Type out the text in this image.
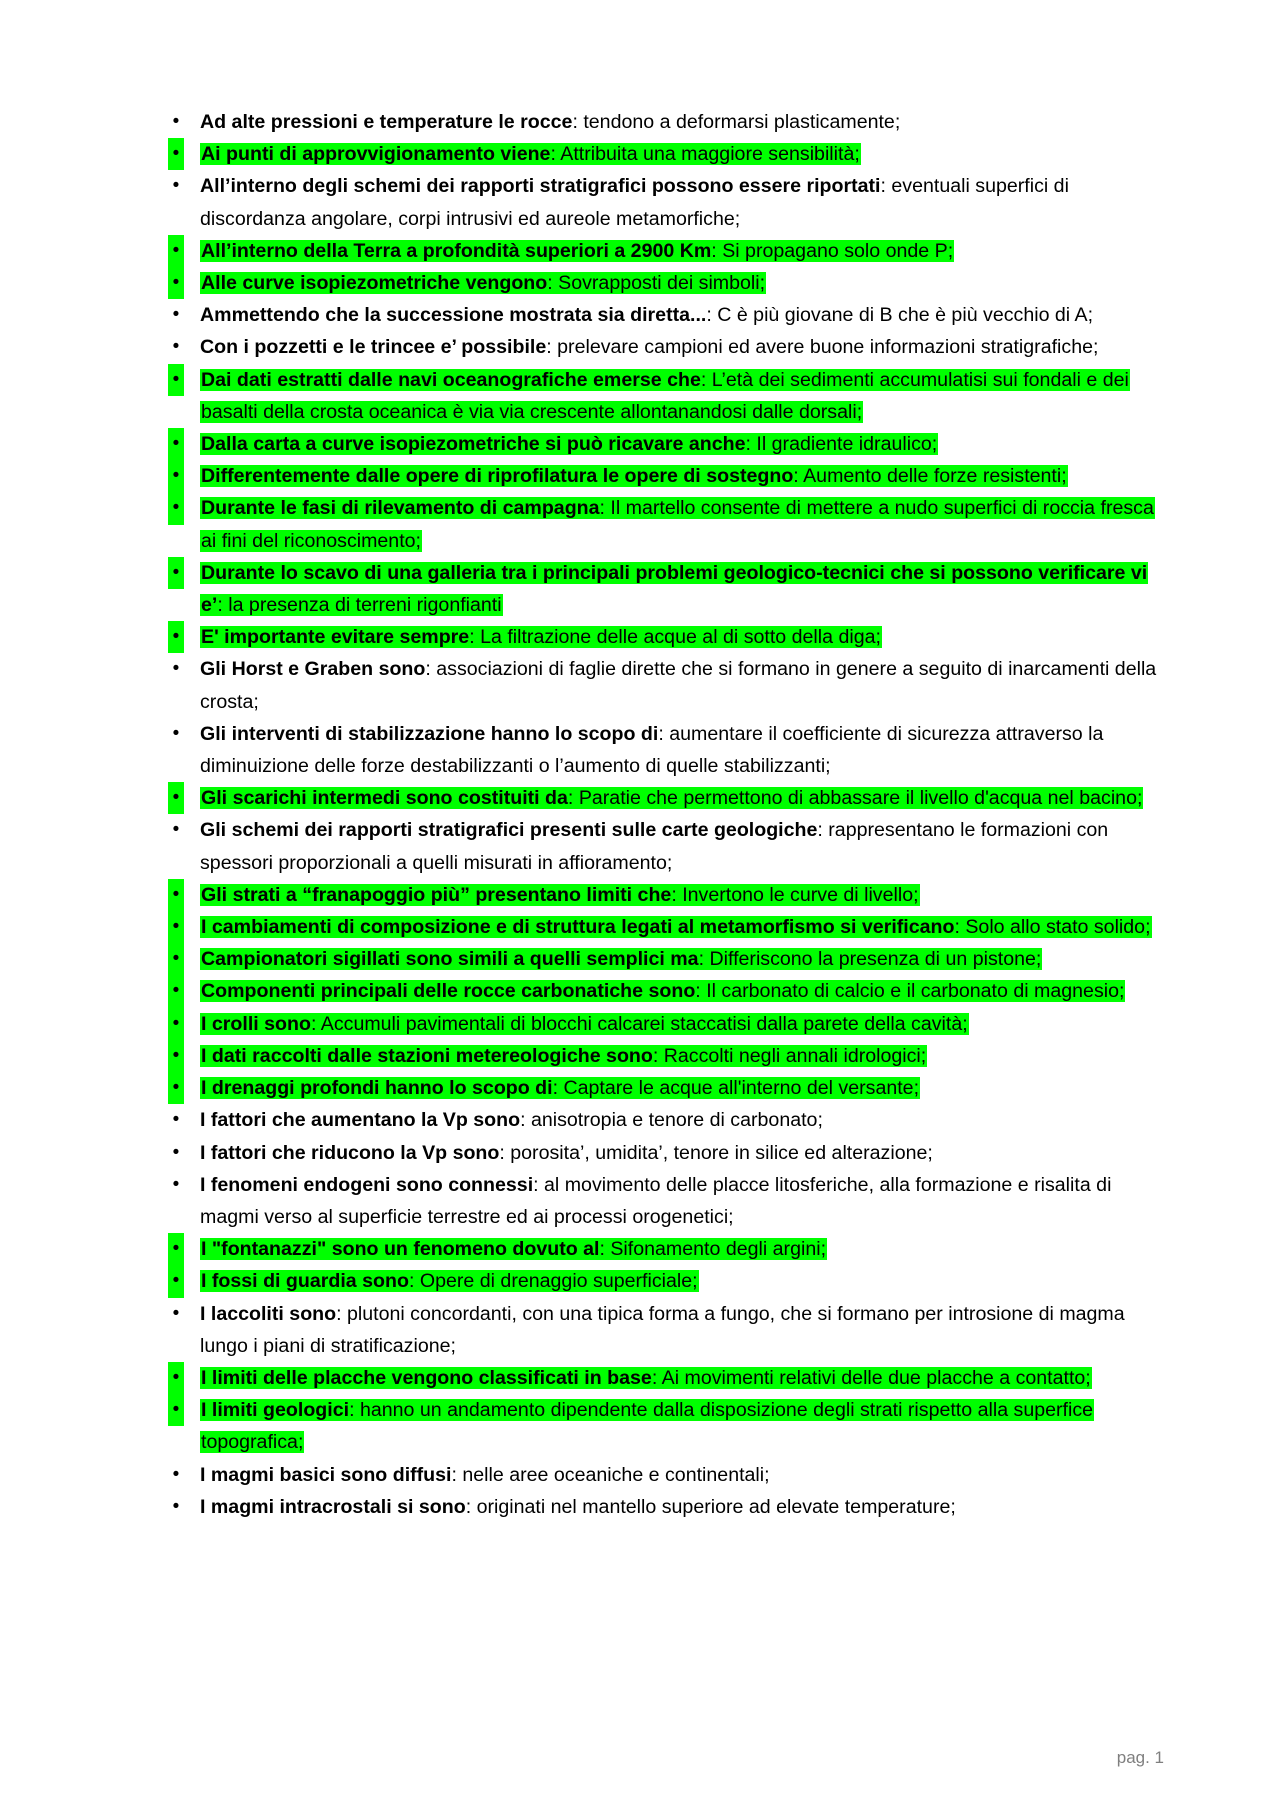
• Ad alte pressioni e temperature le rocce: tendono a deformarsi plasticamente;
• Ai punti di approvvigionamento viene: Attribuita una maggiore sensibilità;
• All’interno degli schemi dei rapporti stratigrafici possono essere riportati: eventuali superfici di discordanza angolare, corpi intrusivi ed aureole metamorfiche;
• All’interno della Terra a profondità superiori a 2900 Km: Si propagano solo onde P;
• Alle curve isopiezometriche vengono: Sovrapposti dei simboli;
• Ammettendo che la successione mostrata sia diretta...: C è più giovane di B che è più vecchio di A;
• Con i pozzetti e le trincee e’ possibile: prelevare campioni ed avere buone informazioni stratigrafiche;
• Dai dati estratti dalle navi oceanografiche emerse che: L’età dei sedimenti accumulatisi sui fondali e dei basalti della crosta oceanica è via via crescente allontanandosi dalle dorsali;
• Dalla carta a curve isopiezometriche si può ricavare anche: Il gradiente idraulico;
• Differentemente dalle opere di riprofilatura le opere di sostegno: Aumento delle forze resistenti;
• Durante le fasi di rilevamento di campagna: Il martello consente di mettere a nudo superfici di roccia fresca ai fini del riconoscimento;
• Durante lo scavo di una galleria tra i principali problemi geologico-tecnici che si possono verificare vi e’: la presenza di terreni rigonfianti
• E' importante evitare sempre: La filtrazione delle acque al di sotto della diga;
• Gli Horst e Graben sono: associazioni di faglie dirette che si formano in genere a seguito di inarcamenti della crosta;
• Gli interventi di stabilizzazione hanno lo scopo di: aumentare il coefficiente di sicurezza attraverso la diminuizione delle forze destabilizzanti o l’aumento di quelle stabilizzanti;
• Gli scarichi intermedi sono costituiti da: Paratie che permettono di abbassare il livello d'acqua nel bacino;
• Gli schemi dei rapporti stratigrafici presenti sulle carte geologiche: rappresentano le formazioni con spessori proporzionali a quelli misurati in affioramento;
• Gli strati a “franapoggio più” presentano limiti che: Invertono le curve di livello;
• I cambiamenti di composizione e di struttura legati al metamorfismo si verificano: Solo allo stato solido;
• Campionatori sigillati sono simili a quelli semplici ma: Differiscono la presenza di un pistone;
• Componenti principali delle rocce carbonatiche sono: Il carbonato di calcio e il carbonato di magnesio;
• I crolli sono: Accumuli pavimentali di blocchi calcarei staccatisi dalla parete della cavità;
• I dati raccolti dalle stazioni metereologiche sono: Raccolti negli annali idrologici;
• I drenaggi profondi hanno lo scopo di: Captare le acque all'interno del versante;
• I fattori che aumentano la Vp sono: anisotropia e tenore di carbonato;
• I fattori che riducono la Vp sono: porosita’, umidita’, tenore in silice ed alterazione;
• I fenomeni endogeni sono connessi: al movimento delle placce litosferiche, alla formazione e risalita di magmi verso al superficie terrestre ed ai processi orogenetici;
• I "fontanazzi" sono un fenomeno dovuto al: Sifonamento degli argini;
• I fossi di guardia sono: Opere di drenaggio superficiale;
• I laccoliti sono: plutoni concordanti, con una tipica forma a fungo, che si formano per introsione di magma lungo i piani di stratificazione;
• I limiti delle placche vengono classificati in base: Ai movimenti relativi delle due placche a contatto;
• I limiti geologici: hanno un andamento dipendente dalla disposizione degli strati rispetto alla superfice topografica;
• I magmi basici sono diffusi: nelle aree oceaniche e continentali;
• I magmi intracrostali si sono: originati nel mantello superiore ad elevate temperature;
pag. 1
